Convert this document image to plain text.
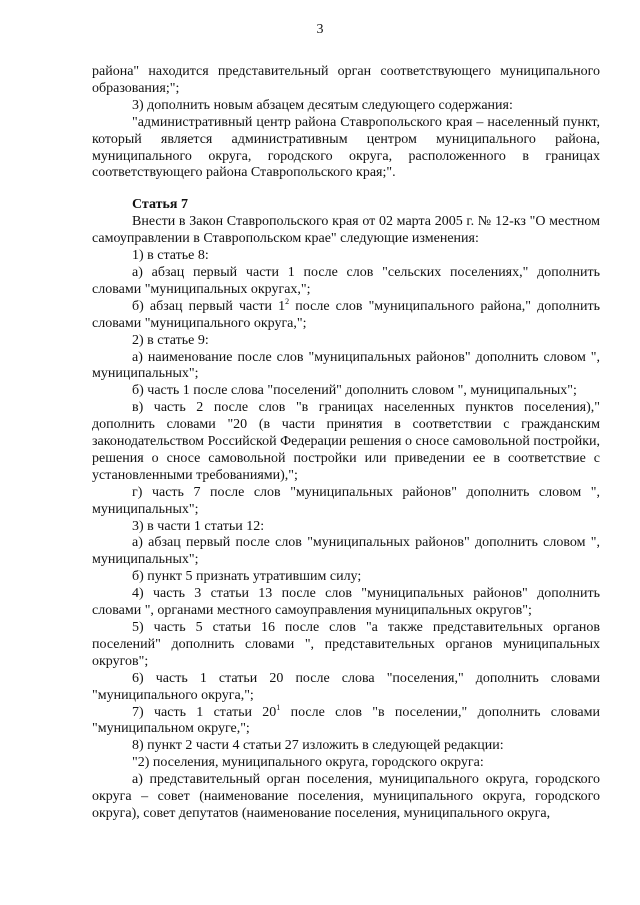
3
района" находится представительный орган соответствующего муниципального образования;";
3) дополнить новым абзацем десятым следующего содержания:
"административный центр района Ставропольского края – населенный пункт, который является административным центром муниципального района, муниципального округа, городского округа, расположенного в границах соответствующего района Ставропольского края;".
Статья 7
Внести в Закон Ставропольского края от 02 марта 2005 г. № 12-кз "О местном самоуправлении в Ставропольском крае" следующие изменения:
1) в статье 8:
а) абзац первый части 1 после слов "сельских поселениях," дополнить словами "муниципальных округах,";
б) абзац первый части $1^2$ после слов "муниципального района," дополнить словами "муниципального округа,";
2) в статье 9:
а) наименование после слов "муниципальных районов" дополнить словом ", муниципальных";
б) часть 1 после слова "поселений" дополнить словом ", муниципальных";
в) часть 2 после слов "в границах населенных пунктов поселения)," дополнить словами "20 (в части принятия в соответствии с гражданским законодательством Российской Федерации решения о сносе самовольной постройки, решения о сносе самовольной постройки или приведении ее в соответствие с установленными требованиями),";
г) часть 7 после слов "муниципальных районов" дополнить словом ", муниципальных";
3) в части 1 статьи 12:
а) абзац первый после слов "муниципальных районов" дополнить словом ", муниципальных";
б) пункт 5 признать утратившим силу;
4) часть 3 статьи 13 после слов "муниципальных районов" дополнить словами ", органами местного самоуправления муниципальных округов";
5) часть 5 статьи 16 после слов "а также представительных органов поселений" дополнить словами ", представительных органов муниципальных округов";
6) часть 1 статьи 20 после слова "поселения," дополнить словами "муниципального округа,";
7) часть 1 статьи $20^1$ после слов "в поселении," дополнить словами "муниципальном округе,";
8) пункт 2 части 4 статьи 27 изложить в следующей редакции:
"2) поселения, муниципального округа, городского округа:
а) представительный орган поселения, муниципального округа, городского округа – совет (наименование поселения, муниципального округа, городского округа), совет депутатов (наименование поселения, муниципального округа,
